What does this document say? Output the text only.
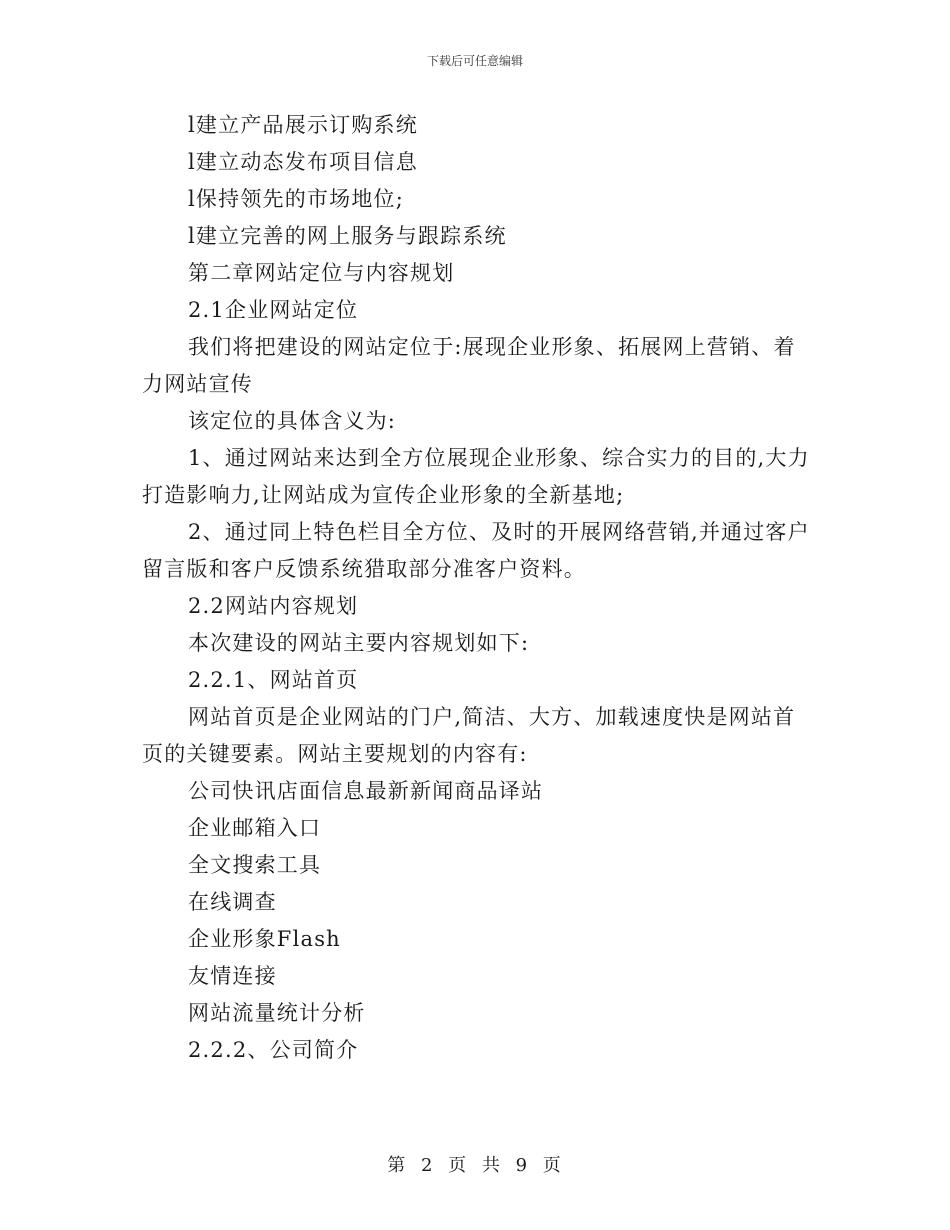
下载后可任意编辑

l建立产品展示订购系统

l建立动态发布项目信息

l保持领先的市场地位;

l建立完善的网上服务与跟踪系统

第二章网站定位与内容规划

2.1企业网站定位

我们将把建设的网站定位于:展现企业形象、拓展网上营销、着力网站宣传

该定位的具体含义为:

1、通过网站来达到全方位展现企业形象、综合实力的目的,大力打造影响力,让网站成为宣传企业形象的全新基地;

2、通过同上特色栏目全方位、及时的开展网络营销,并通过客户留言版和客户反馈系统猎取部分准客户资料。

2.2网站内容规划

本次建设的网站主要内容规划如下:

2.2.1、网站首页

网站首页是企业网站的门户,简洁、大方、加载速度快是网站首页的关键要素。网站主要规划的内容有:

公司快讯店面信息最新新闻商品译站

企业邮箱入口

全文搜索工具

在线调查

企业形象Flash

友情连接

网站流量统计分析

2.2.2、公司简介

第 2 页 共 9 页
